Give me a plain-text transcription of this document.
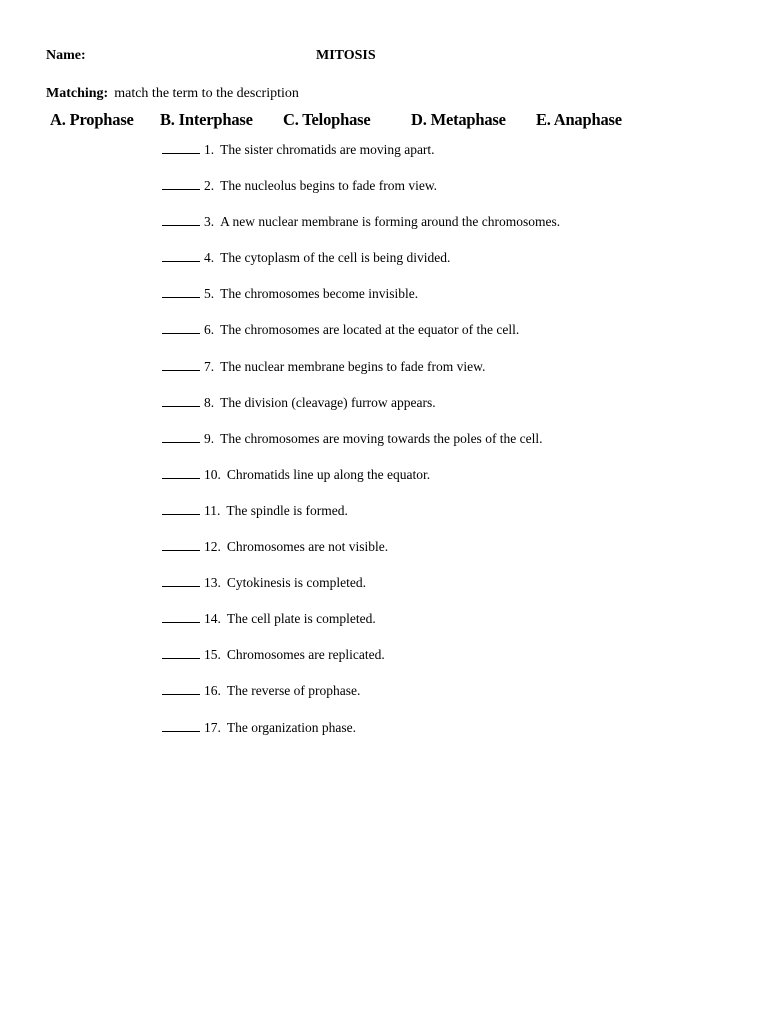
Name:	MITOSIS
Matching: match the term to the description
A. Prophase B. Interphase C. Telophase D. Metaphase E. Anaphase
1. The sister chromatids are moving apart.
2. The nucleolus begins to fade from view.
3. A new nuclear membrane is forming around the chromosomes.
4. The cytoplasm of the cell is being divided.
5. The chromosomes become invisible.
6. The chromosomes are located at the equator of the cell.
7. The nuclear membrane begins to fade from view.
8. The division (cleavage) furrow appears.
9. The chromosomes are moving towards the poles of the cell.
10. Chromatids line up along the equator.
11. The spindle is formed.
12. Chromosomes are not visible.
13. Cytokinesis is completed.
14. The cell plate is completed.
15. Chromosomes are replicated.
16. The reverse of prophase.
17. The organization phase.
